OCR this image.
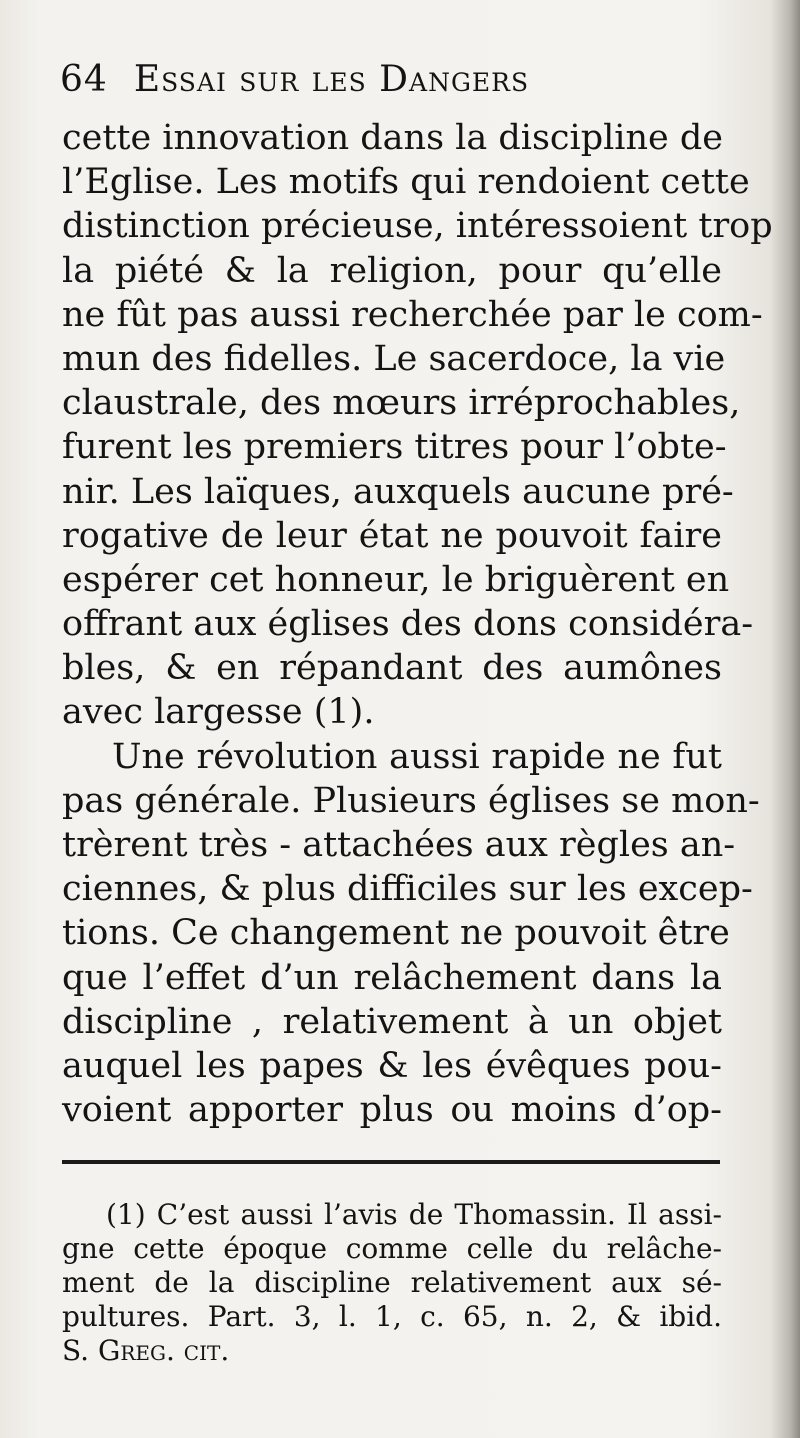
64 Essai sur les Dangers
cette innovation dans la discipline de
l’Eglise. Les motifs qui rendoient cette
distinction précieuse, intéressoient trop
la piété & la religion, pour qu’elle
ne fût pas aussi recherchée par le com-
mun des fidelles. Le sacerdoce, la vie
claustrale, des mœurs irréprochables,
furent les premiers titres pour l’obte-
nir. Les laïques, auxquels aucune pré-
rogative de leur état ne pouvoit faire
espérer cet honneur, le briguèrent en
offrant aux églises des dons considéra-
bles, & en répandant des aumônes
avec largesse (1).
Une révolution aussi rapide ne fut
pas générale. Plusieurs églises se mon-
trèrent très - attachées aux règles an-
ciennes, & plus difficiles sur les excep-
tions. Ce changement ne pouvoit être
que l’effet d’un relâchement dans la
discipline , relativement à un objet
auquel les papes & les évêques pou-
voient apporter plus ou moins d’op-
(1) C’est aussi l’avis de Thomassin. Il assi-
gne cette époque comme celle du relâche-
ment de la discipline relativement aux sé-
pultures. Part. 3, l. 1, c. 65, n. 2, & ibid.
S. Greg. cit.
